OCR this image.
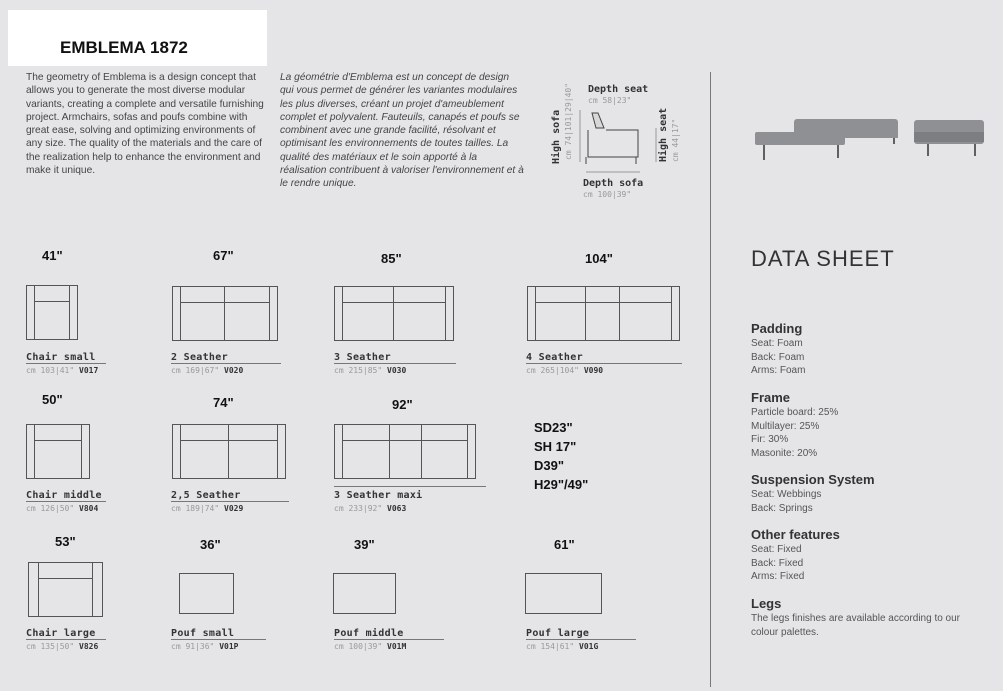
EMBLEMA 1872
The geometry of Emblema is a design concept that allows you to generate the most diverse modular variants, creating a complete and versatile furnishing project. Armchairs, sofas and poufs combine with great ease, solving and optimizing environments of any size. The quality of the materials and the care of the realization help to enhance the environment and make it unique.
La géométrie d'Emblema est un concept de design qui vous permet de générer les variantes modulaires les plus diverses, créant un projet d'ameublement complet et polyvalent. Fauteuils, canapés et poufs se combinent avec une grande facilité, résolvant et optimisant les environnements de toutes tailles. La qualité des matériaux et le soin apporté à la réalisation contribuent à valoriser l'environnement et à le rendre unique.
Depth seat
cm 58|23"
High sofa cm 74|101|29|40"	High seat cm 44|17"
Depth sofa
cm 100|39"
41"
Chair small
cm 103|41" V017
67"
2 Seather
cm 169|67" V020
85"
3 Seather
cm 215|85" V030
104"
4 Seather
cm 265|104" V090
50"
Chair middle
cm 126|50" V804
74"
2,5 Seather
cm 189|74" V029
92"
3 Seather maxi
cm 233|92" V063
SD23"
SH 17"
D39"
H29"/49"
53"
Chair large
cm 135|50" V826
36"
Pouf small
cm 91|36" V01P
39"
Pouf middle
cm 100|39" V01M
61"
Pouf large
cm 154|61" V01G
DATA SHEET
Padding
Seat: Foam
Back: Foam
Arms: Foam
Frame
Particle board: 25%
Multilayer: 25%
Fir: 30%
Masonite: 20%
Suspension System
Seat: Webbings
Back: Springs
Other features
Seat: Fixed
Back: Fixed
Arms: Fixed
Legs
The legs finishes are available according to our colour palettes.
